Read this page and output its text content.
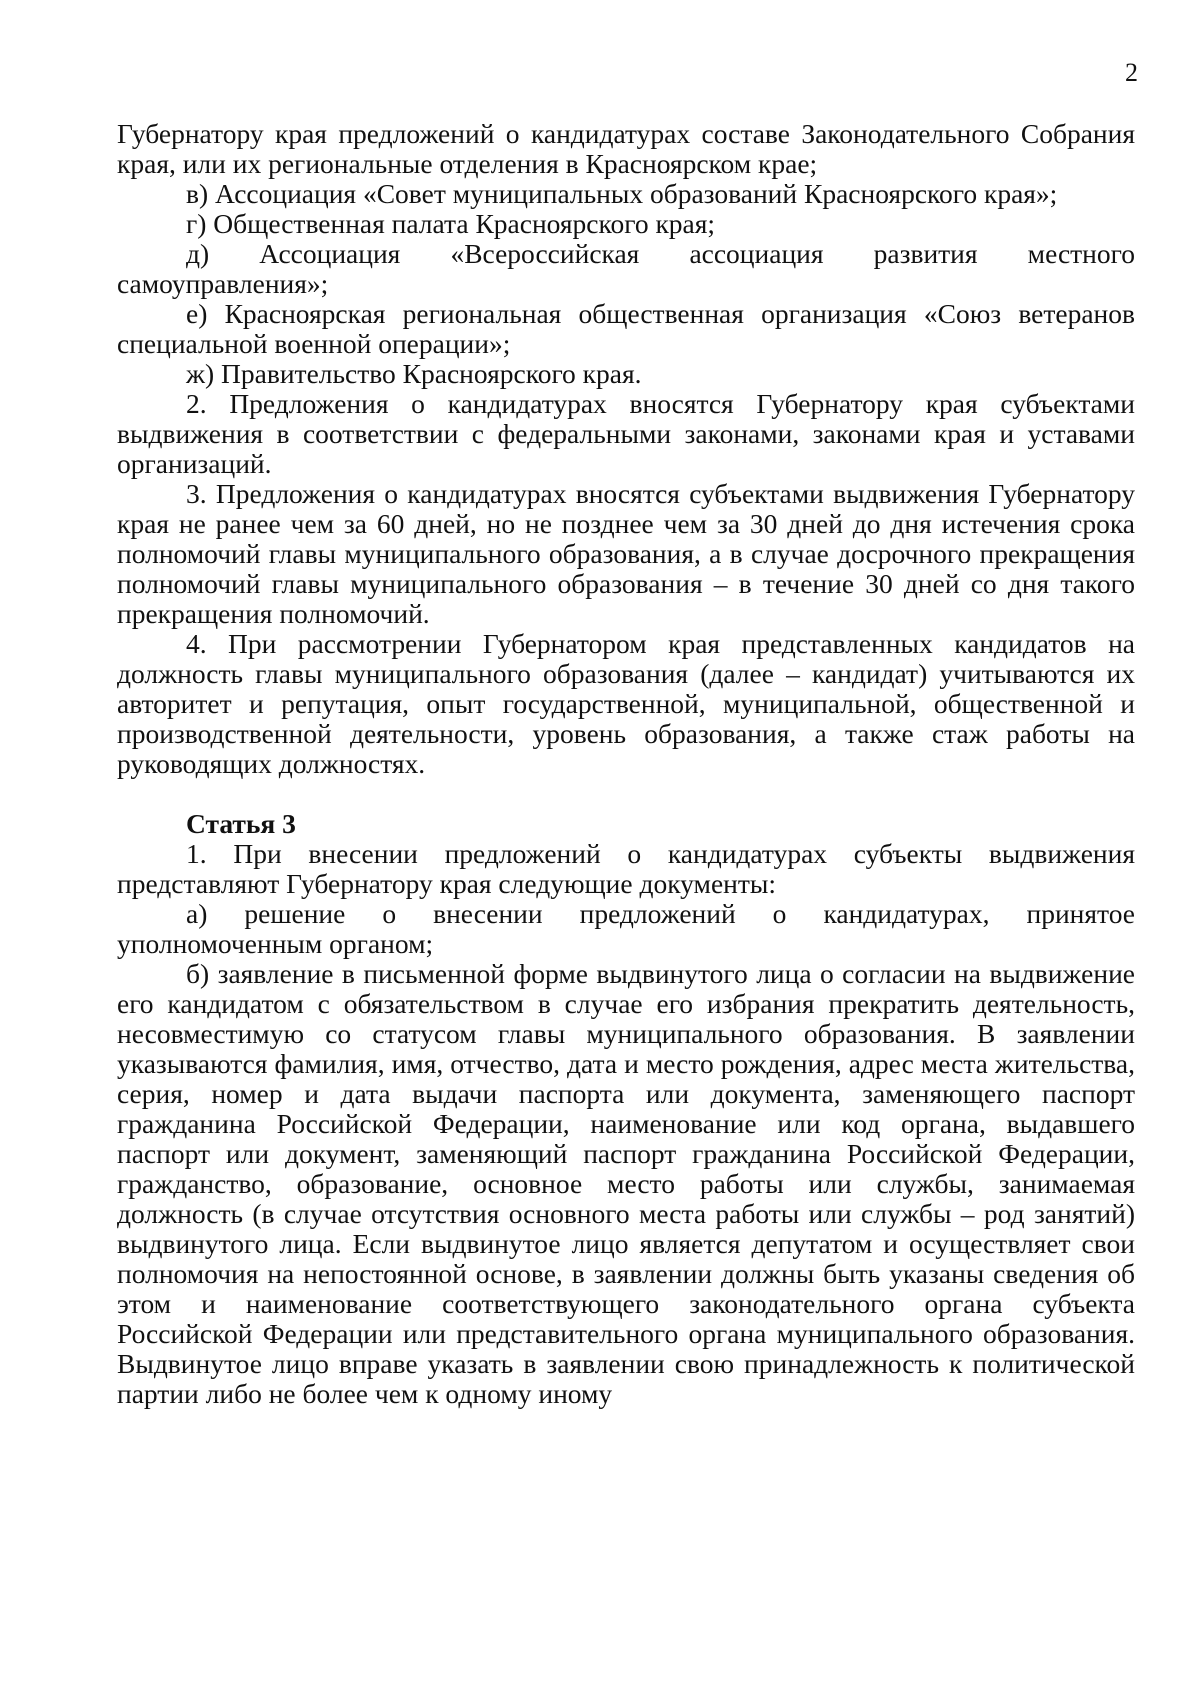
2

Губернатору края предложений о кандидатурах составе Законодательного Собрания края, или их региональные отделения в Красноярском крае;

в) Ассоциация «Совет муниципальных образований Красноярского края»;

г) Общественная палата Красноярского края;

д) Ассоциация «Всероссийская ассоциация развития местного самоуправления»;

е) Красноярская региональная общественная организация «Союз ветеранов специальной военной операции»;

ж) Правительство Красноярского края.

2. Предложения о кандидатурах вносятся Губернатору края субъектами выдвижения в соответствии с федеральными законами, законами края и уставами организаций.

3. Предложения о кандидатурах вносятся субъектами выдвижения Губернатору края не ранее чем за 60 дней, но не позднее чем за 30 дней до дня истечения срока полномочий главы муниципального образования, а в случае досрочного прекращения полномочий главы муниципального образования – в течение 30 дней со дня такого прекращения полномочий.

4. При рассмотрении Губернатором края представленных кандидатов на должность главы муниципального образования (далее – кандидат) учитываются их авторитет и репутация, опыт государственной, муниципальной, общественной и производственной деятельности, уровень образования, а также стаж работы на руководящих должностях.

Статья 3

1. При внесении предложений о кандидатурах субъекты выдвижения представляют Губернатору края следующие документы:

а) решение о внесении предложений о кандидатурах, принятое уполномоченным органом;

б) заявление в письменной форме выдвинутого лица о согласии на выдвижение его кандидатом с обязательством в случае его избрания прекратить деятельность, несовместимую со статусом главы муниципального образования. В заявлении указываются фамилия, имя, отчество, дата и место рождения, адрес места жительства, серия, номер и дата выдачи паспорта или документа, заменяющего паспорт гражданина Российской Федерации, наименование или код органа, выдавшего паспорт или документ, заменяющий паспорт гражданина Российской Федерации, гражданство, образование, основное место работы или службы, занимаемая должность (в случае отсутствия основного места работы или службы – род занятий) выдвинутого лица. Если выдвинутое лицо является депутатом и осуществляет свои полномочия на непостоянной основе, в заявлении должны быть указаны сведения об этом и наименование соответствующего законодательного органа субъекта Российской Федерации или представительного органа муниципального образования. Выдвинутое лицо вправе указать в заявлении свою принадлежность к политической партии либо не более чем к одному иному
